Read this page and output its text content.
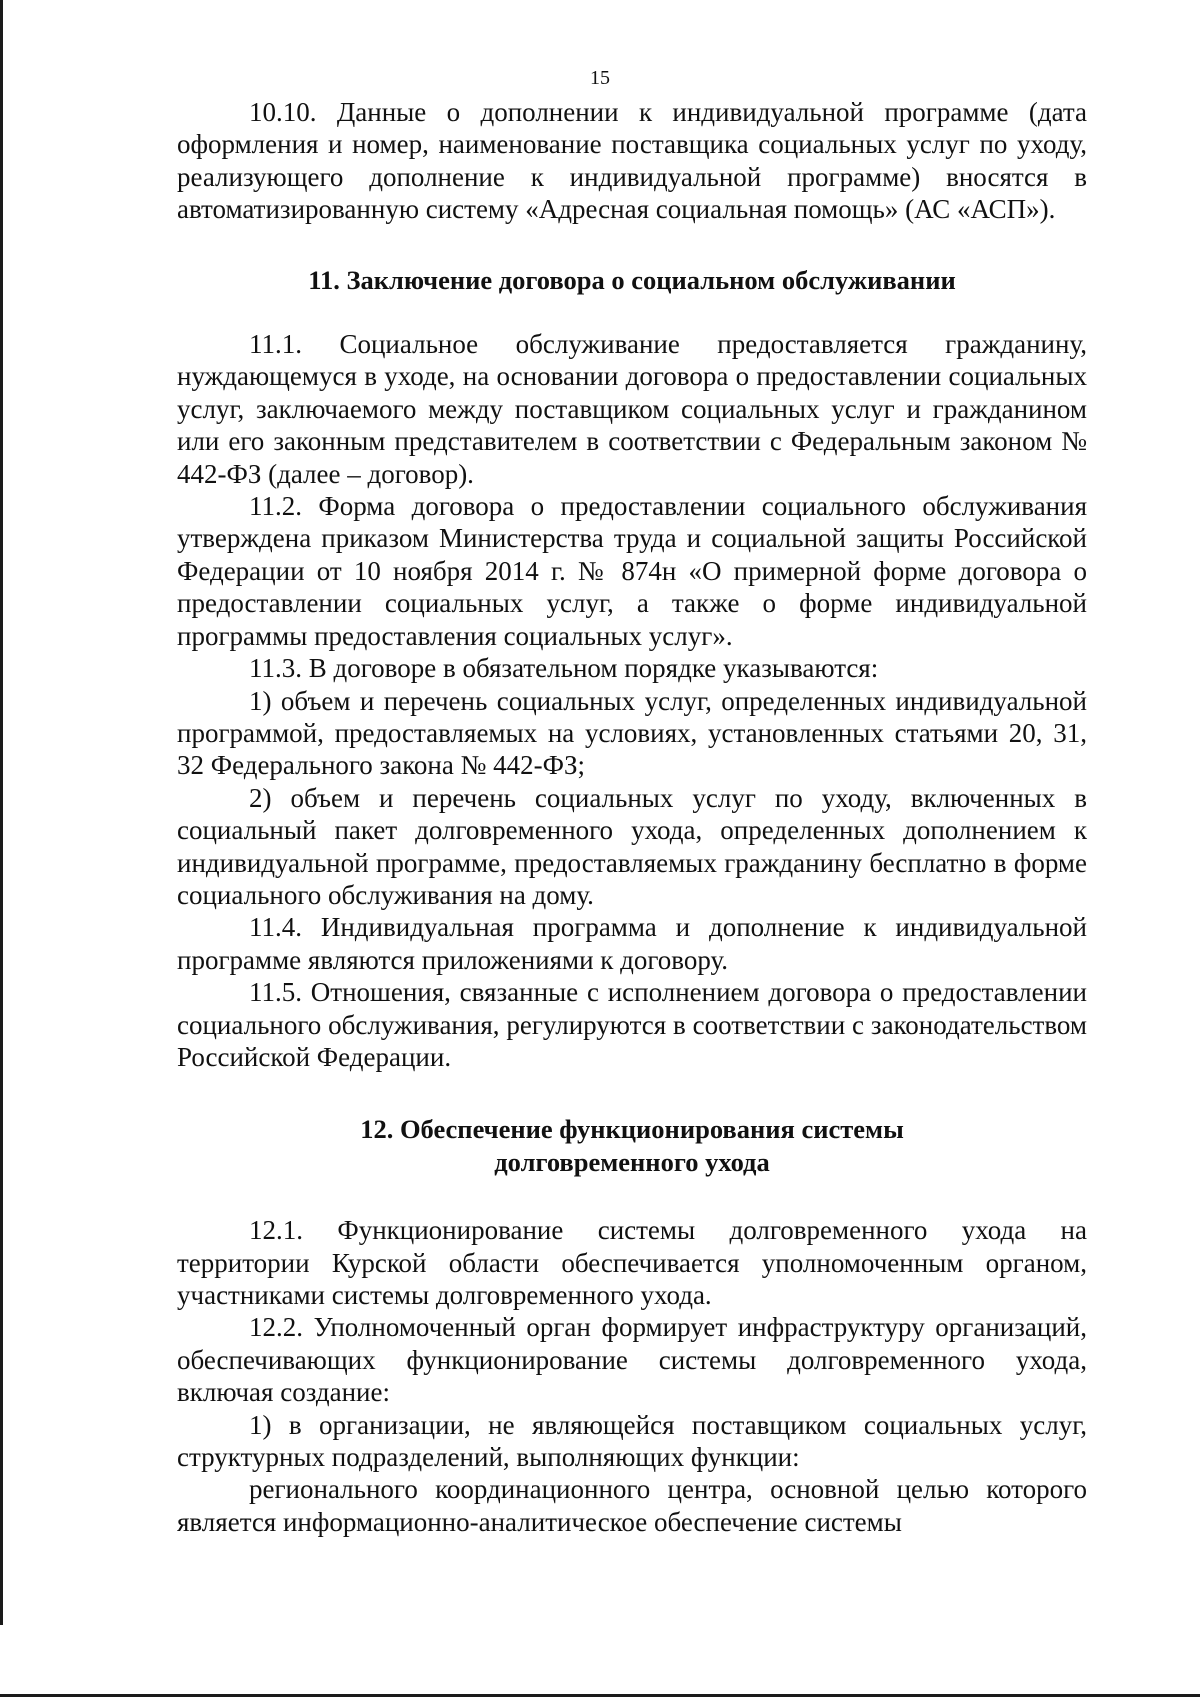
15

10.10. Данные о дополнении к индивидуальной программе (дата оформления и номер, наименование поставщика социальных услуг по уходу, реализующего дополнение к индивидуальной программе) вносятся в автоматизированную систему «Адресная социальная помощь» (АС «АСП»).

11. Заключение договора о социальном обслуживании

11.1. Социальное обслуживание предоставляется гражданину, нуждающемуся в уходе, на основании договора о предоставлении социальных услуг, заключаемого между поставщиком социальных услуг и гражданином или его законным представителем в соответствии с Федеральным законом № 442-ФЗ (далее – договор).

11.2. Форма договора о предоставлении социального обслуживания утверждена приказом Министерства труда и социальной защиты Российской Федерации от 10 ноября 2014 г. № 874н «О примерной форме договора о предоставлении социальных услуг, а также о форме индивидуальной программы предоставления социальных услуг».

11.3. В договоре в обязательном порядке указываются:

1) объем и перечень социальных услуг, определенных индивидуальной программой, предоставляемых на условиях, установленных статьями 20, 31, 32 Федерального закона № 442-ФЗ;

2) объем и перечень социальных услуг по уходу, включенных в социальный пакет долговременного ухода, определенных дополнением к индивидуальной программе, предоставляемых гражданину бесплатно в форме социального обслуживания на дому.

11.4. Индивидуальная программа и дополнение к индивидуальной программе являются приложениями к договору.

11.5. Отношения, связанные с исполнением договора о предоставлении социального обслуживания, регулируются в соответствии с законодательством Российской Федерации.

12. Обеспечение функционирования системы
долговременного ухода

12.1. Функционирование системы долговременного ухода на территории Курской области обеспечивается уполномоченным органом, участниками системы долговременного ухода.

12.2. Уполномоченный орган формирует инфраструктуру организаций, обеспечивающих функционирование системы долговременного ухода, включая создание:

1) в организации, не являющейся поставщиком социальных услуг, структурных подразделений, выполняющих функции:

регионального координационного центра, основной целью которого является информационно-аналитическое обеспечение системы
